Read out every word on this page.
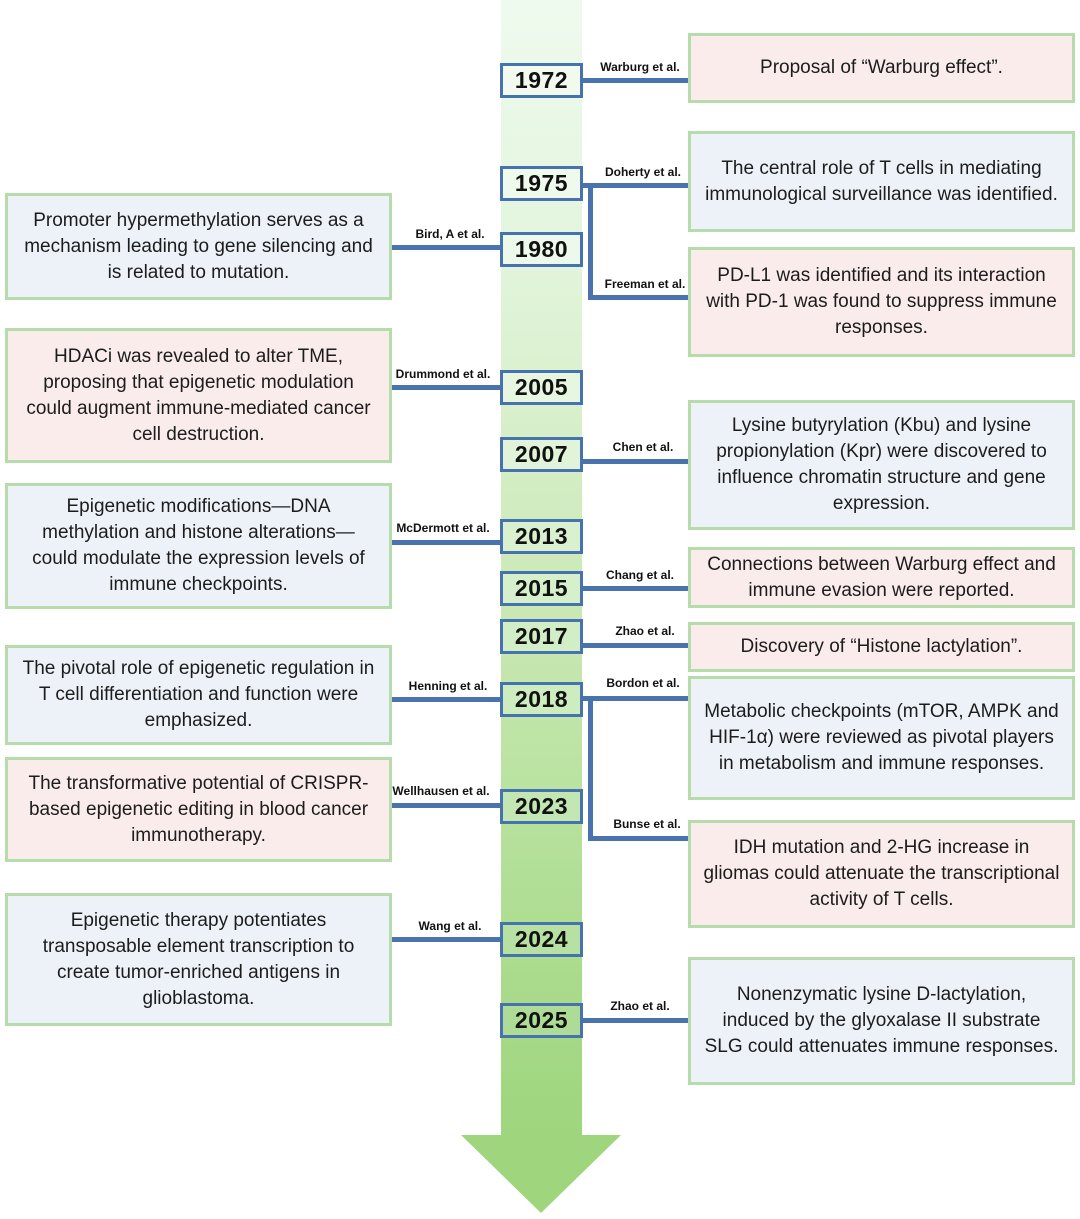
1972
1975
1980
2005
2007
2013
2015
2017
2018
2023
2024
2025
Warburg et al.
Doherty et al.
Bird, A et al.
Freeman et al.
Drummond et al.
Chen et al.
McDermott et al.
Chang et al.
Zhao et al.
Henning et al.	Bordon et al.
Wellhausen et al.
Bunse et al.
Wang et al.
Zhao et al.
Promoter hypermethylation serves as a mechanism leading to gene silencing and is related to mutation.
HDACi was revealed to alter TME, proposing that epigenetic modulation could augment immune-mediated cancer cell destruction.
Epigenetic modifications—DNA methylation and histone alterations—could modulate the expression levels of immune checkpoints.
The pivotal role of epigenetic regulation in T cell differentiation and function were emphasized.
The transformative potential of CRISPR-based epigenetic editing in blood cancer immunotherapy.
Epigenetic therapy potentiates transposable element transcription to create tumor-enriched antigens in glioblastoma.
Proposal of “Warburg effect”.
The central role of T cells in mediating immunological surveillance was identified.
PD-L1 was identified and its interaction with PD-1 was found to suppress immune responses.
Lysine butyrylation (Kbu) and lysine propionylation (Kpr) were discovered to influence chromatin structure and gene expression.
Connections between Warburg effect and immune evasion were reported.
Discovery of “Histone lactylation”.
Metabolic checkpoints (mTOR, AMPK and HIF-1α) were reviewed as pivotal players in metabolism and immune responses.
IDH mutation and 2-HG increase in gliomas could attenuate the transcriptional activity of T cells.
Nonenzymatic lysine D-lactylation, induced by the glyoxalase II substrate SLG could attenuates immune responses.
